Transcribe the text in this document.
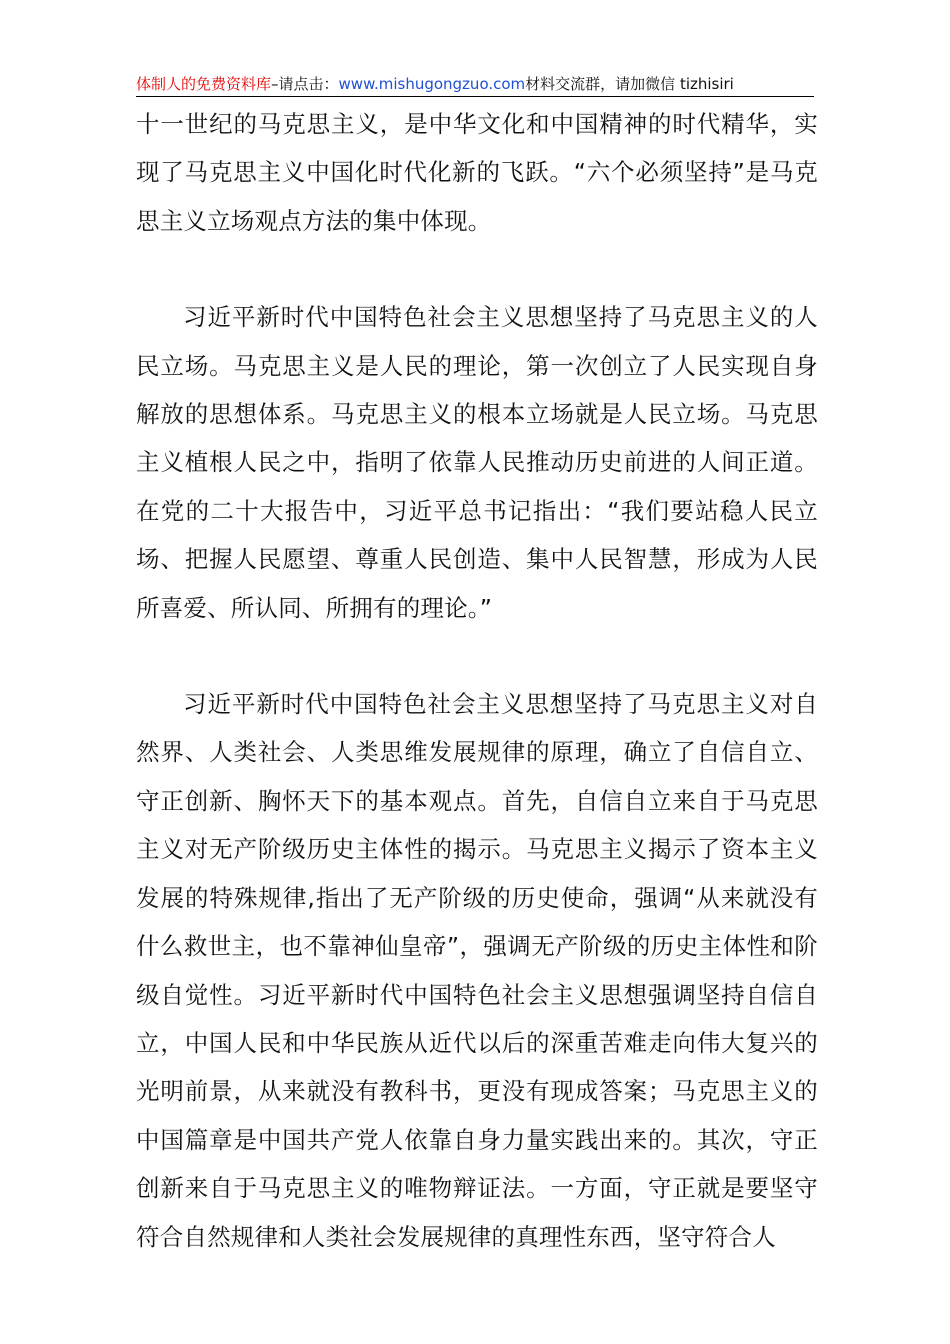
体制人的免费资料库–请点击：www.mishugongzuo.com材料交流群，请加微信 tizhisiri

十一世纪的马克思主义，是中华文化和中国精神的时代精华，实现了马克思主义中国化时代化新的飞跃。“六个必须坚持”是马克思主义立场观点方法的集中体现。

习近平新时代中国特色社会主义思想坚持了马克思主义的人民立场。马克思主义是人民的理论，第一次创立了人民实现自身解放的思想体系。马克思主义的根本立场就是人民立场。马克思主义植根人民之中，指明了依靠人民推动历史前进的人间正道。在党的二十大报告中，习近平总书记指出：“我们要站稳人民立场、把握人民愿望、尊重人民创造、集中人民智慧，形成为人民所喜爱、所认同、所拥有的理论。”

习近平新时代中国特色社会主义思想坚持了马克思主义对自然界、人类社会、人类思维发展规律的原理，确立了自信自立、守正创新、胸怀天下的基本观点。首先，自信自立来自于马克思主义对无产阶级历史主体性的揭示。马克思主义揭示了资本主义发展的特殊规律,指出了无产阶级的历史使命，强调“从来就没有什么救世主，也不靠神仙皇帝”，强调无产阶级的历史主体性和阶级自觉性。习近平新时代中国特色社会主义思想强调坚持自信自立，中国人民和中华民族从近代以后的深重苦难走向伟大复兴的光明前景，从来就没有教科书，更没有现成答案；马克思主义的中国篇章是中国共产党人依靠自身力量实践出来的。其次，守正创新来自于马克思主义的唯物辩证法。一方面，守正就是要坚守符合自然规律和人类社会发展规律的真理性东西，坚守符合人
